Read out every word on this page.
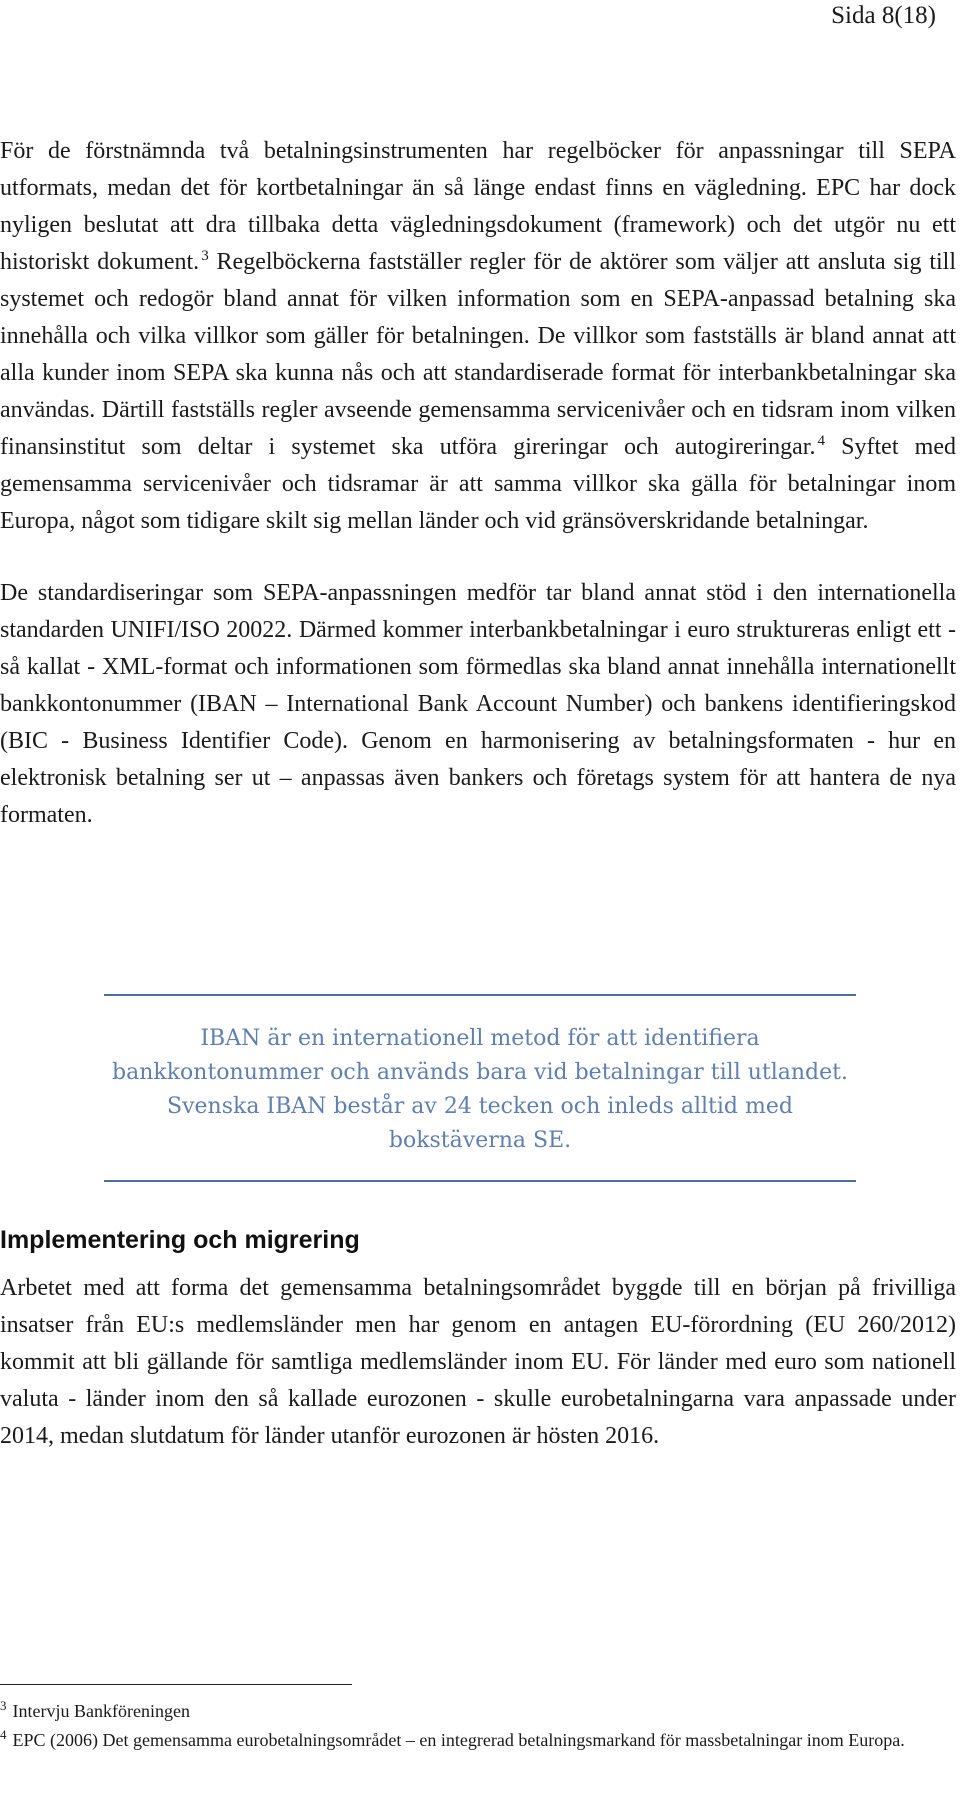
Sida 8(18)

För de förstnämnda två betalningsinstrumenten har regelböcker för anpassningar till SEPA utformats, medan det för kortbetalningar än så länge endast finns en vägledning. EPC har dock nyligen beslutat att dra tillbaka detta vägledningsdokument (framework) och det utgör nu ett historiskt dokument. $^3$ Regelböckerna fastställer regler för de aktörer som väljer att ansluta sig till systemet och redogör bland annat för vilken information som en SEPA-anpassad betalning ska innehålla och vilka villkor som gäller för betalningen. De villkor som fastställs är bland annat att alla kunder inom SEPA ska kunna nås och att standardiserade format för interbankbetalningar ska användas. Därtill fastställs regler avseende gemensamma servicenivåer och en tidsram inom vilken finansinstitut som deltar i systemet ska utföra gireringar och autogireringar. $^4$ Syftet med gemensamma servicenivåer och tidsramar är att samma villkor ska gälla för betalningar inom Europa, något som tidigare skilt sig mellan länder och vid gränsöverskridande betalningar.

De standardiseringar som SEPA-anpassningen medför tar bland annat stöd i den internationella standarden UNIFI/ISO 20022. Därmed kommer interbankbetalningar i euro struktureras enligt ett - så kallat - XML-format och informationen som förmedlas ska bland annat innehålla internationellt bankkontonummer (IBAN – International Bank Account Number) och bankens identifieringskod (BIC - Business Identifier Code). Genom en harmonisering av betalningsformaten - hur en elektronisk betalning ser ut – anpassas även bankers och företags system för att hantera de nya formaten.

IBAN är en internationell metod för att identifiera bankkontonummer och används bara vid betalningar till utlandet. Svenska IBAN består av 24 tecken och inleds alltid med bokstäverna SE.

Implementering och migrering

Arbetet med att forma det gemensamma betalningsområdet byggde till en början på frivilliga insatser från EU:s medlemsländer men har genom en antagen EU-förordning (EU 260/2012) kommit att bli gällande för samtliga medlemsländer inom EU. För länder med euro som nationell valuta - länder inom den så kallade eurozonen - skulle eurobetalningarna vara anpassade under 2014, medan slutdatum för länder utanför eurozonen är hösten 2016.

$^3$ Intervju Bankföreningen

$^4$ EPC (2006) Det gemensamma eurobetalningsområdet – en integrerad betalningsmarkand för massbetalningar inom Europa.
